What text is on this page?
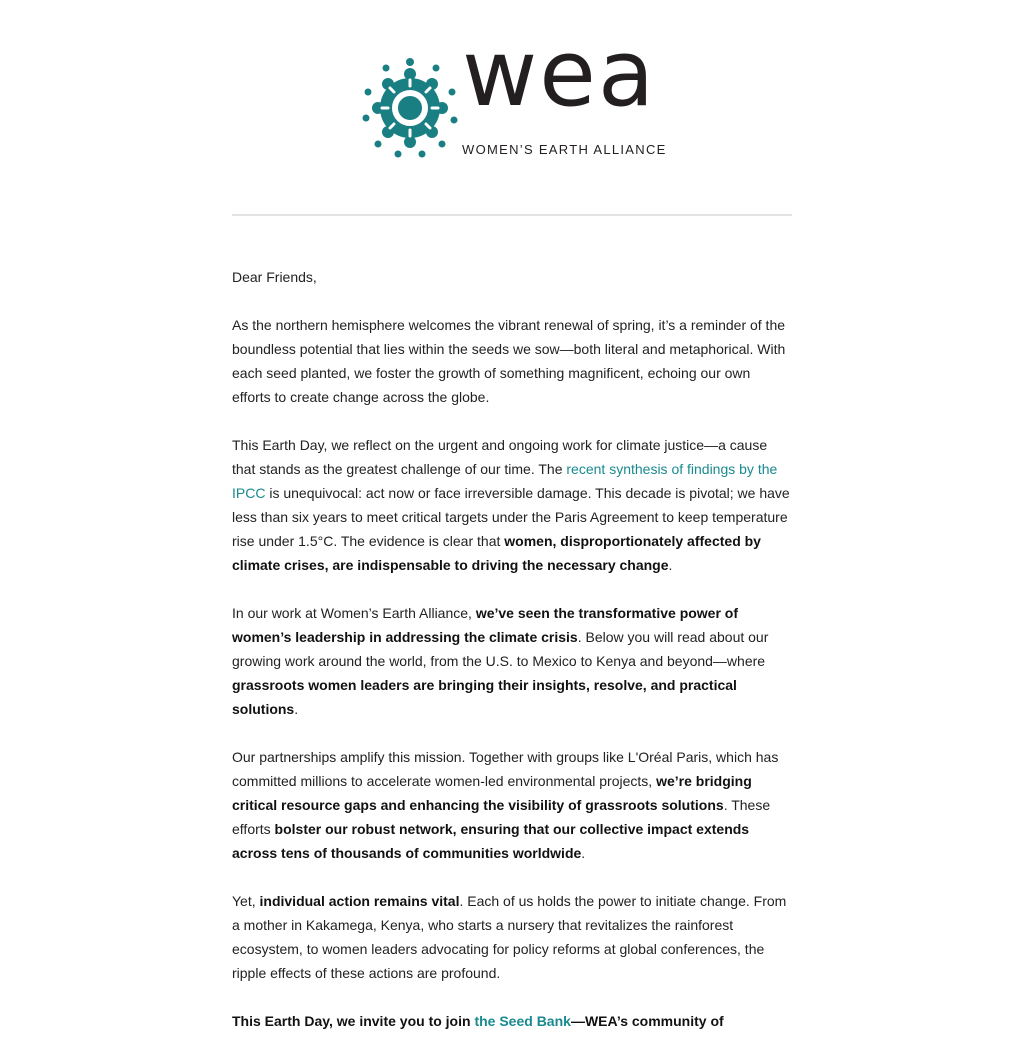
wea
WOMEN’S EARTH ALLIANCE

Dear Friends,

As the northern hemisphere welcomes the vibrant renewal of spring, it’s a reminder of the boundless potential that lies within the seeds we sow—both literal and metaphorical. With each seed planted, we foster the growth of something magnificent, echoing our own efforts to create change across the globe.

This Earth Day, we reflect on the urgent and ongoing work for climate justice—a cause that stands as the greatest challenge of our time. The recent synthesis of findings by the IPCC is unequivocal: act now or face irreversible damage. This decade is pivotal; we have less than six years to meet critical targets under the Paris Agreement to keep temperature rise under 1.5°C. The evidence is clear that women, disproportionately affected by climate crises, are indispensable to driving the necessary change.

In our work at Women’s Earth Alliance, we’ve seen the transformative power of women’s leadership in addressing the climate crisis. Below you will read about our growing work around the world, from the U.S. to Mexico to Kenya and beyond—where grassroots women leaders are bringing their insights, resolve, and practical solutions.

Our partnerships amplify this mission. Together with groups like L'Oréal Paris, which has committed millions to accelerate women-led environmental projects, we’re bridging critical resource gaps and enhancing the visibility of grassroots solutions. These efforts bolster our robust network, ensuring that our collective impact extends across tens of thousands of communities worldwide.

Yet, individual action remains vital. Each of us holds the power to initiate change. From a mother in Kakamega, Kenya, who starts a nursery that revitalizes the rainforest ecosystem, to women leaders advocating for policy reforms at global conferences, the ripple effects of these actions are profound.

This Earth Day, we invite you to join the Seed Bank—WEA’s community of
